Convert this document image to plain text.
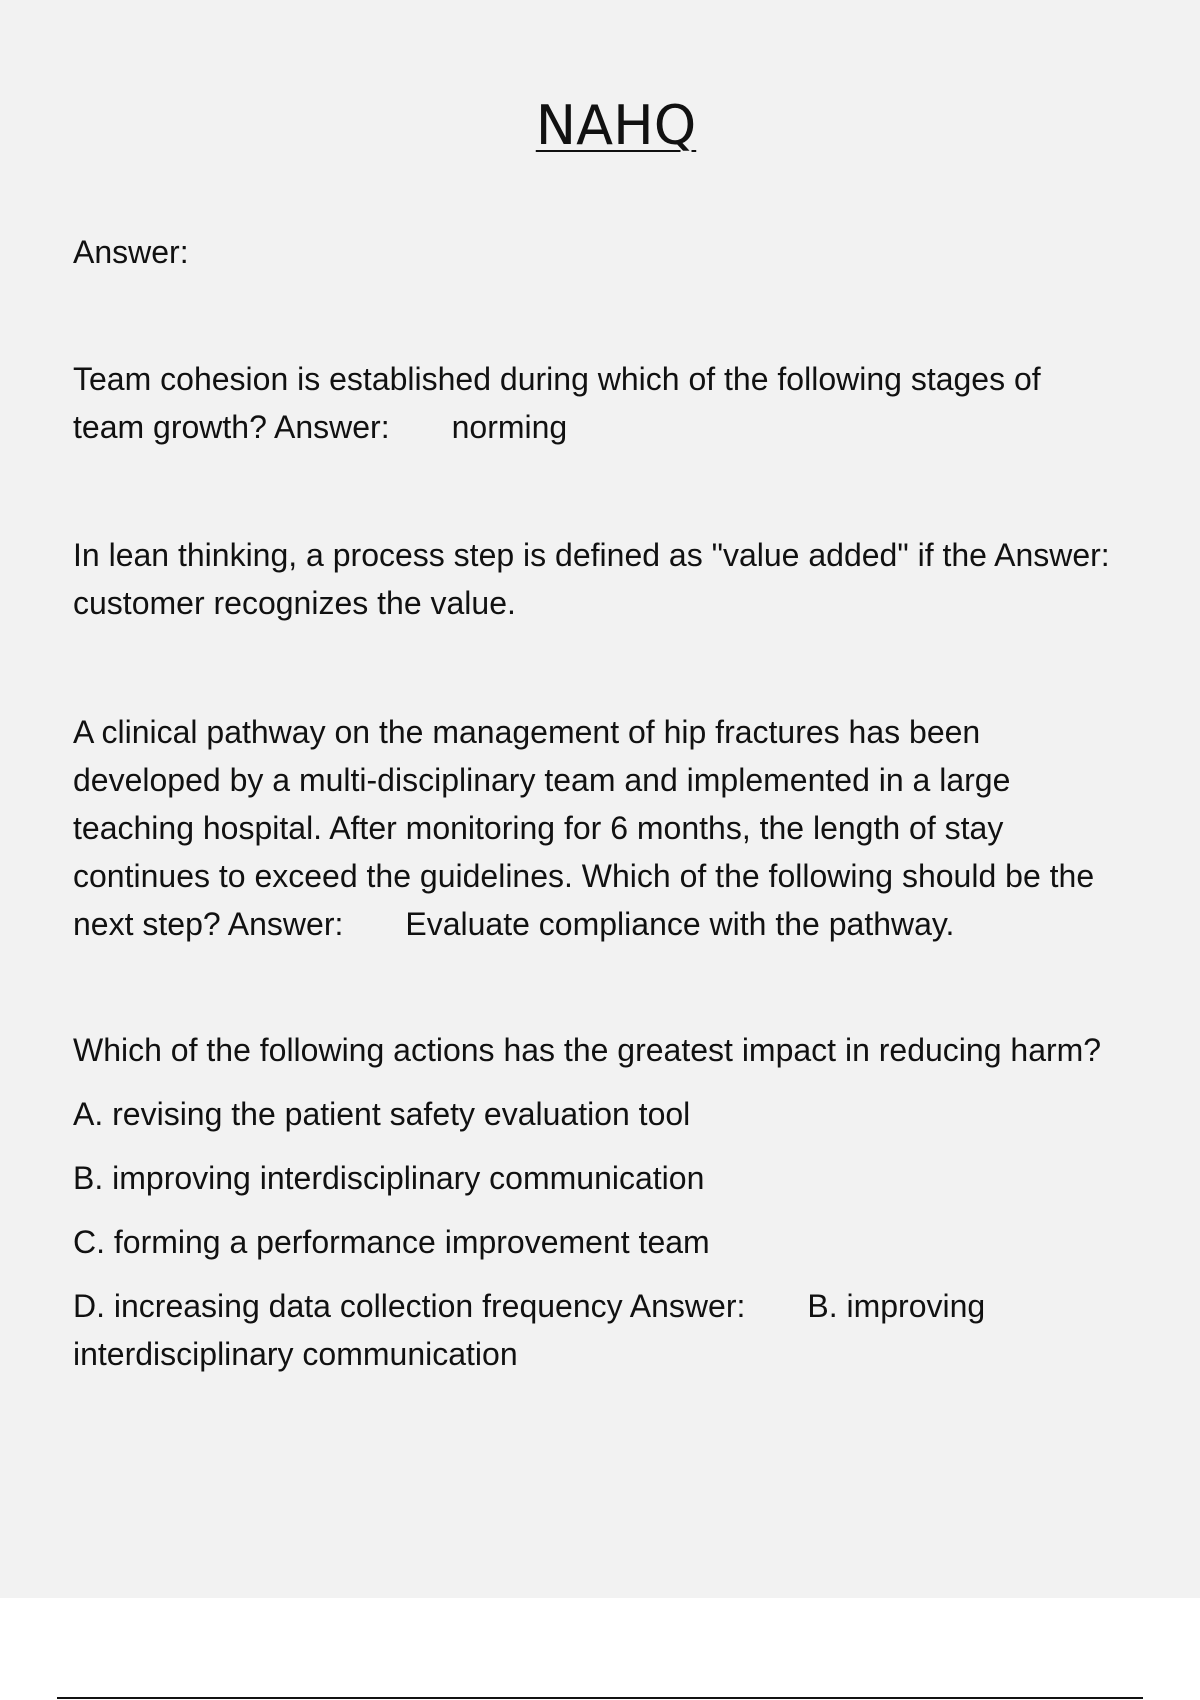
NAHQ
Answer:

Team cohesion is established during which of the following stages of

team growth? Answer: norming

In lean thinking, a process step is defined as "value added" if the Answer:

customer recognizes the value.

A clinical pathway on the management of hip fractures has been

developed by a multi-disciplinary team and implemented in a large

teaching hospital. After monitoring for 6 months, the length of stay

continues to exceed the guidelines. Which of the following should be the

next step? Answer: Evaluate compliance with the pathway.

Which of the following actions has the greatest impact in reducing harm?

A. revising the patient safety evaluation tool

B. improving interdisciplinary communication

C. forming a performance improvement team

D. increasing data collection frequency Answer: B. improving

interdisciplinary communication
